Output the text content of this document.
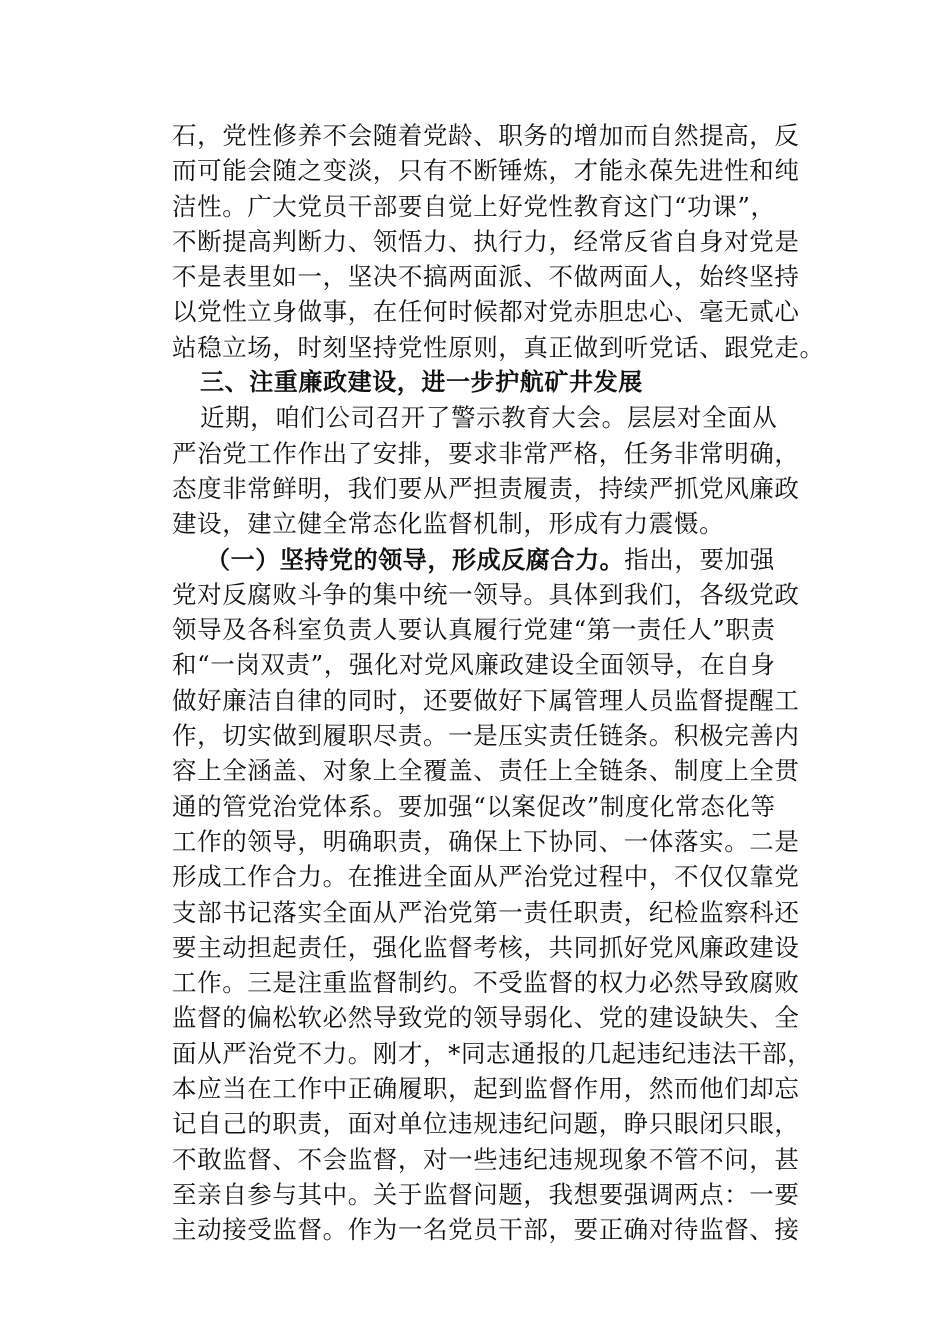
石，党性修养不会随着党龄、职务的增加而自然提高，反
而可能会随之变淡，只有不断锤炼，才能永葆先进性和纯
洁性。广大党员干部要自觉上好党性教育这门“功课”，
不断提高判断力、领悟力、执行力，经常反省自身对党是
不是表里如一，坚决不搞两面派、不做两面人，始终坚持
以党性立身做事，在任何时候都对党赤胆忠心、毫无贰心
站稳立场，时刻坚持党性原则，真正做到听党话、跟党走。
三、注重廉政建设，进一步护航矿井发展
近期，咱们公司召开了警示教育大会。层层对全面从
严治党工作作出了安排，要求非常严格，任务非常明确，
态度非常鲜明，我们要从严担责履责，持续严抓党风廉政
建设，建立健全常态化监督机制，形成有力震慑。
（一）坚持党的领导，形成反腐合力。指出，要加强
党对反腐败斗争的集中统一领导。具体到我们，各级党政
领导及各科室负责人要认真履行党建“第一责任人”职责
和“一岗双责”，强化对党风廉政建设全面领导，在自身
做好廉洁自律的同时，还要做好下属管理人员监督提醒工
作，切实做到履职尽责。一是压实责任链条。积极完善内
容上全涵盖、对象上全覆盖、责任上全链条、制度上全贯
通的管党治党体系。要加强“以案促改”制度化常态化等
工作的领导，明确职责，确保上下协同、一体落实。二是
形成工作合力。在推进全面从严治党过程中，不仅仅靠党
支部书记落实全面从严治党第一责任职责，纪检监察科还
要主动担起责任，强化监督考核，共同抓好党风廉政建设
工作。三是注重监督制约。不受监督的权力必然导致腐败
监督的偏松软必然导致党的领导弱化、党的建设缺失、全
面从严治党不力。刚才，*同志通报的几起违纪违法干部，
本应当在工作中正确履职，起到监督作用，然而他们却忘
记自己的职责，面对单位违规违纪问题，睁只眼闭只眼，
不敢监督、不会监督，对一些违纪违规现象不管不问，甚
至亲自参与其中。关于监督问题，我想要强调两点：一要
主动接受监督。作为一名党员干部，要正确对待监督、接
